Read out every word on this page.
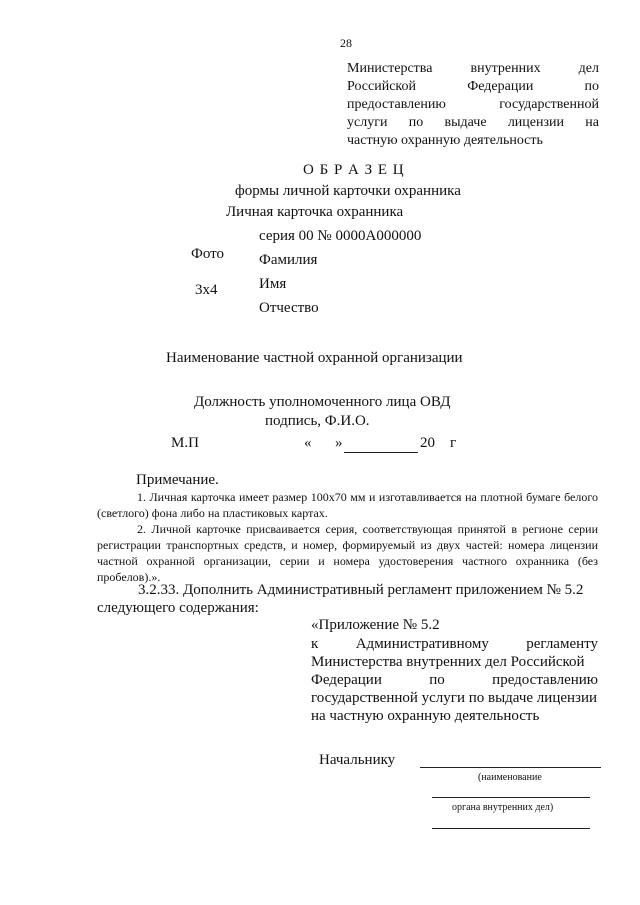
28
Министерства внутренних дел
Российской Федерации по
предоставлению государственной
услуги по выдаче лицензии на
частную охранную деятельность
О Б Р А З Е Ц
формы личной карточки охранника
Личная карточка охранника
серия 00 № 0000А000000
Фото Фамилия
Имя
3х4
Отчество
Наименование частной охранной организации
Должность уполномоченного лица ОВД
подпись, Ф.И.О.
М.П	« »	20 г
Примечание.
1. Личная карточка имеет размер 100х70 мм и изготавливается на плотной бумаге белого (светлого) фона либо на пластиковых картах.
2. Личной карточке присваивается серия, соответствующая принятой в регионе серии регистрации транспортных средств, и номер, формируемый из двух частей: номера лицензии частной охранной организации, серии и номера удостоверения частного охранника (без пробелов).».
3.2.33. Дополнить Административный регламент приложением № 5.2
следующего содержания:
«Приложение № 5.2
к Административному регламенту
Министерства внутренних дел Российской
Федерации по предоставлению
государственной услуги по выдаче лицензии
на частную охранную деятельность
Начальнику
(наименование
органа внутренних дел)
